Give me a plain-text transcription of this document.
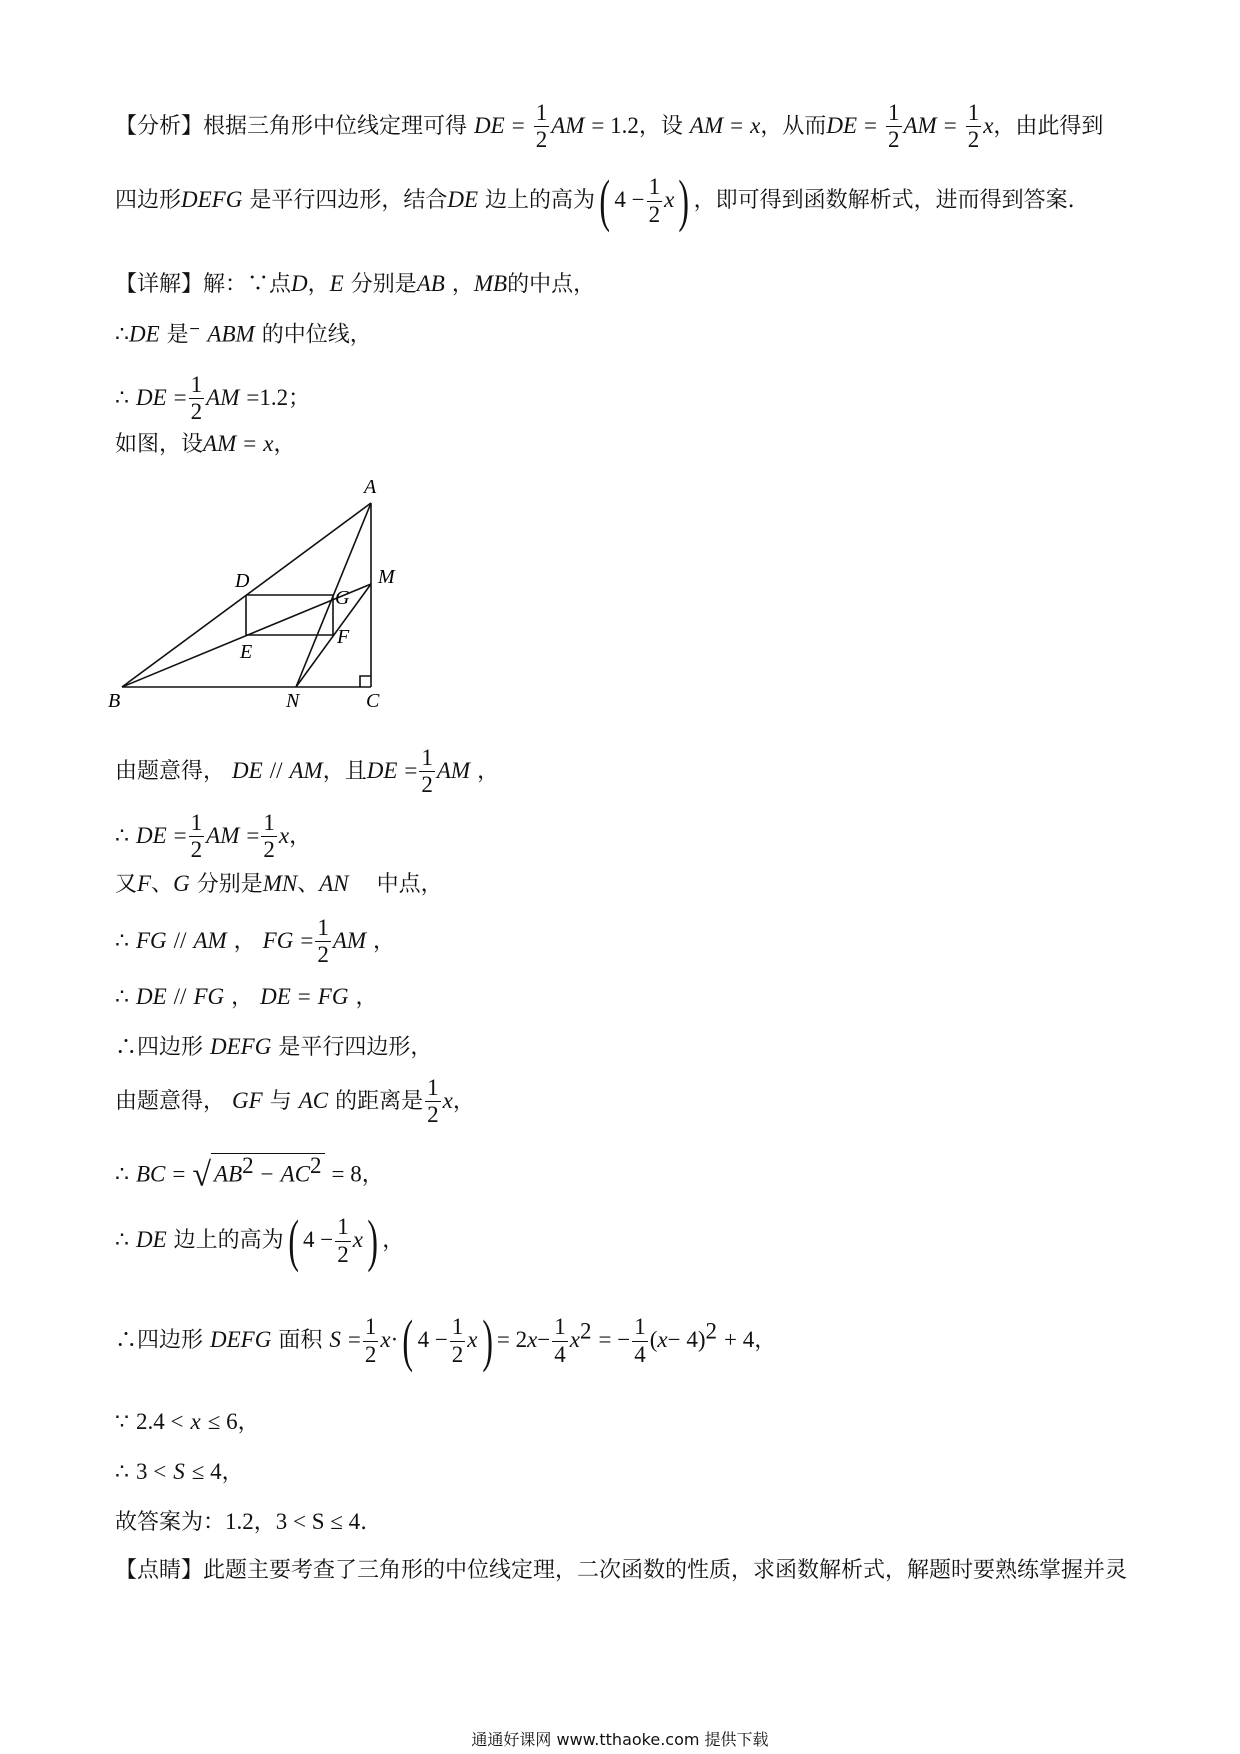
【分析】根据三角形中位线定理可得 DE = $\frac{1}{2}$ AM = 1.2，设 AM = x，从而DE = $\frac{1}{2}$ AM = $\frac{1}{2}$ x，由此得到
四边形DEFG 是平行四边形，结合DE 边上的高为( $4 - \frac{1}{2} x$) ，即可得到函数解析式，进而得到答案.
【详解】解：∵点D，E 分别是AB ，MB的中点，
∴DE 是− ABM 的中位线，
∴ DE = $\frac{1}{2}$ AM =1.2；
如图，设AM = x，
A
B	C
D
E
F
G
M
N
由题意得， DE // AM，且DE = $\frac{1}{2}$ AM ，
∴ DE = $\frac{1}{2}$ AM = $\frac{1}{2}$ x，
又F、G 分别是MN、AN 中点，
∴ FG // AM ， FG = $\frac{1}{2}$ AM ，
∴ DE // FG ， DE = FG ，
∴四边形 DEFG 是平行四边形，
由题意得， GF 与 AC 的距离是 $\frac{1}{2}$ x，
∴ BC = √ $AB^2 - AC^2 = 8$，
∴ DE 边上的高为( $4 - \frac{1}{2} x$) ，
∴四边形 DEFG 面积 $S = \frac{1}{2} x\cdot$( $4 - \frac{1}{2} x) = 2x- \frac{1}{4} x^2$ = − $\frac{1}{4} (x- 4)^2 + 4$，
∵ 2.4 < x ≤ 6，
∴ 3 < S ≤ 4，
故答案为：1.2，3 < S ≤ 4.
【点睛】此题主要考查了三角形的中位线定理，二次函数的性质，求函数解析式，解题时要熟练掌握并灵
通通好课网 www.tthaoke.com 提供下载
